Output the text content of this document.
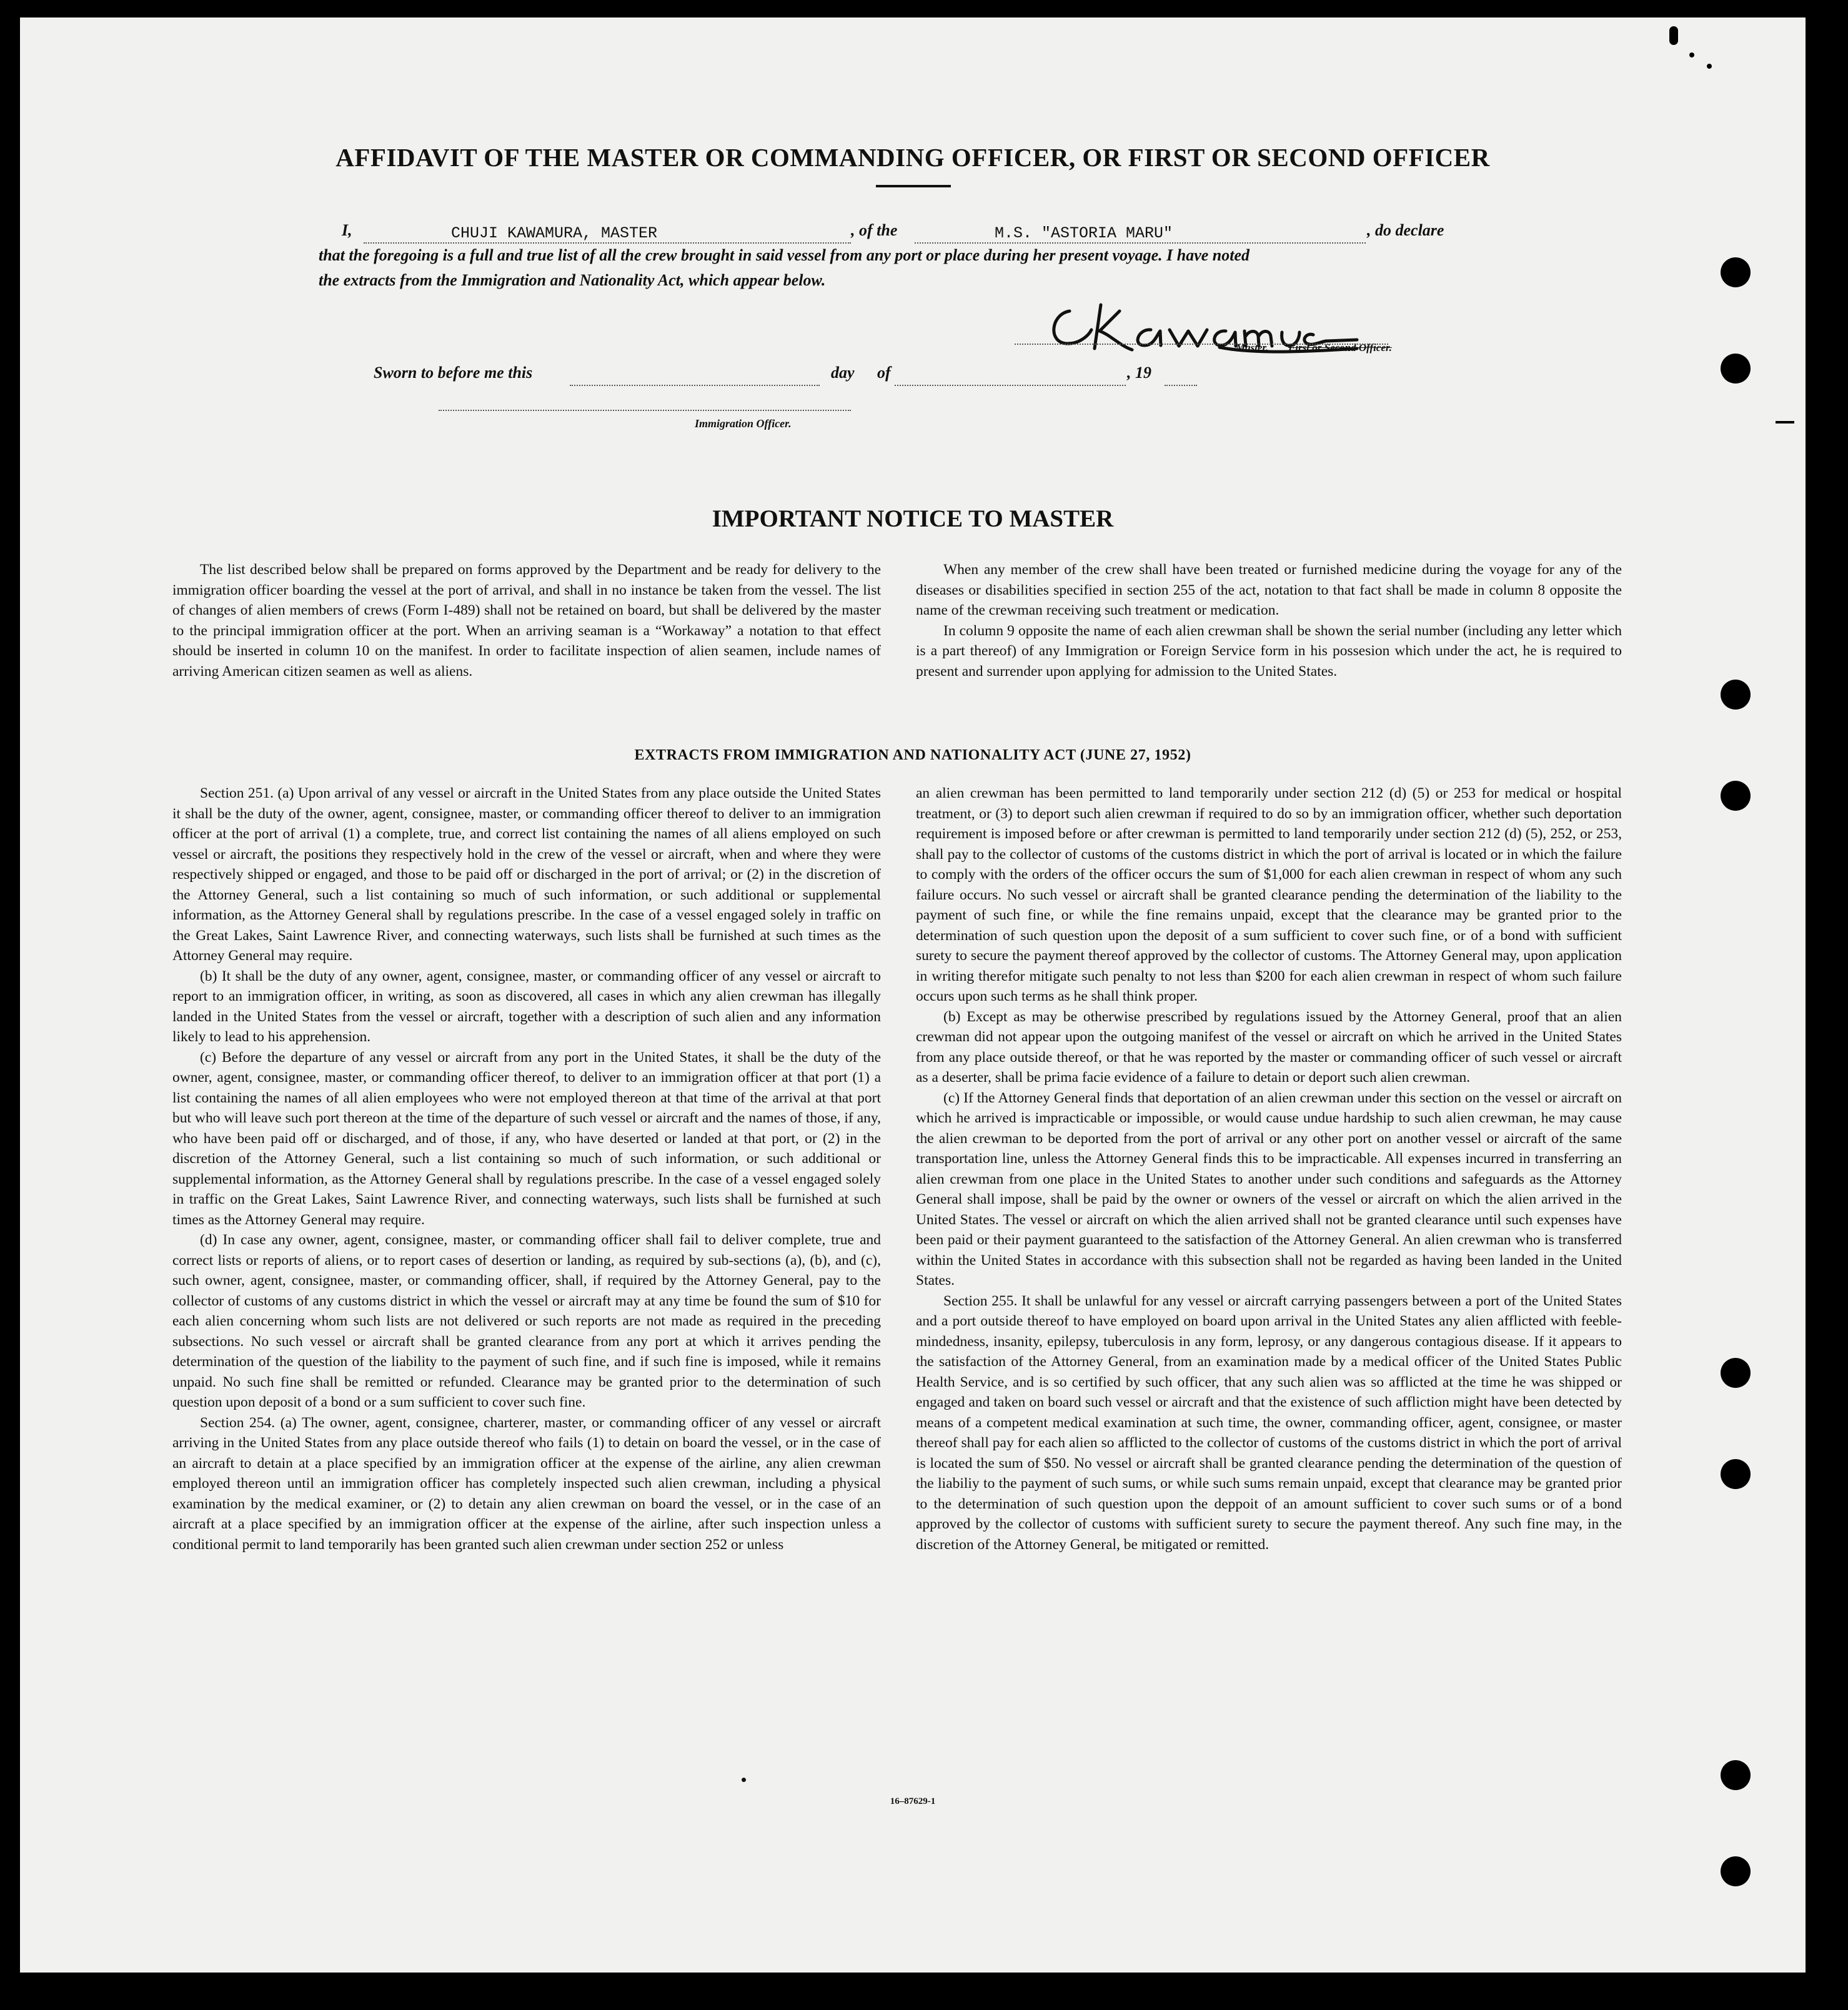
AFFIDAVIT OF THE MASTER OR COMMANDING OFFICER, OR FIRST OR SECOND OFFICER
I,	CHUJI KAWAMURA, MASTER	, of the	M.S. "ASTORIA MARU"	, do declare
that the foregoing is a full and true list of all the crew brought in said vessel from any port or place during her present voyage. I have noted
the extracts from the Immigration and Nationality Act, which appear below.
Master, First or Second Officer.
Sworn to before me this	day of	, 19
Immigration Officer.
IMPORTANT NOTICE TO MASTER

The list described below shall be prepared on forms approved by the Department and be ready for delivery to the immigration officer boarding the vessel at the port of arrival, and shall in no instance be taken from the vessel. The list of changes of alien members of crews (Form I-489) shall not be retained on board, but shall be delivered by the master to the principal immigration officer at the port. When an arriving seaman is a “Workaway” a notation to that effect should be inserted in column 10 on the manifest. In order to facilitate inspection of alien seamen, include names of arriving American citizen seamen as well as aliens.

When any member of the crew shall have been treated or furnished medicine during the voyage for any of the diseases or disabilities specified in section 255 of the act, notation to that fact shall be made in column 8 opposite the name of the crewman receiving such treatment or medication.

In column 9 opposite the name of each alien crewman shall be shown the serial number (including any letter which is a part thereof) of any Immigration or Foreign Service form in his possesion which under the act, he is required to present and surrender upon applying for admission to the United States.

EXTRACTS FROM IMMIGRATION AND NATIONALITY ACT (JUNE 27, 1952)

Section 251. (a) Upon arrival of any vessel or aircraft in the United States from any place outside the United States it shall be the duty of the owner, agent, consignee, master, or commanding officer thereof to deliver to an immigration officer at the port of arrival (1) a complete, true, and correct list containing the names of all aliens employed on such vessel or aircraft, the positions they respectively hold in the crew of the vessel or aircraft, when and where they were respectively shipped or engaged, and those to be paid off or discharged in the port of arrival; or (2) in the discretion of the Attorney General, such a list containing so much of such information, or such additional or supplemental information, as the Attorney General shall by regulations prescribe. In the case of a vessel engaged solely in traffic on the Great Lakes, Saint Lawrence River, and connecting waterways, such lists shall be furnished at such times as the Attorney General may require.

(b) It shall be the duty of any owner, agent, consignee, master, or commanding officer of any vessel or aircraft to report to an immigration officer, in writing, as soon as discovered, all cases in which any alien crewman has illegally landed in the United States from the vessel or aircraft, together with a description of such alien and any information likely to lead to his apprehension.

(c) Before the departure of any vessel or aircraft from any port in the United States, it shall be the duty of the owner, agent, consignee, master, or commanding officer thereof, to deliver to an immigration officer at that port (1) a list containing the names of all alien employees who were not employed thereon at that time of the arrival at that port but who will leave such port thereon at the time of the departure of such vessel or aircraft and the names of those, if any, who have been paid off or discharged, and of those, if any, who have deserted or landed at that port, or (2) in the discretion of the Attorney General, such a list containing so much of such information, or such additional or supplemental information, as the Attorney General shall by regulations prescribe. In the case of a vessel engaged solely in traffic on the Great Lakes, Saint Lawrence River, and connecting waterways, such lists shall be furnished at such times as the Attorney General may require.

(d) In case any owner, agent, consignee, master, or commanding officer shall fail to deliver complete, true and correct lists or reports of aliens, or to report cases of desertion or landing, as required by sub-sections (a), (b), and (c), such owner, agent, consignee, master, or commanding officer, shall, if required by the Attorney General, pay to the collector of customs of any customs district in which the vessel or aircraft may at any time be found the sum of $10 for each alien concerning whom such lists are not delivered or such reports are not made as required in the preceding subsections. No such vessel or aircraft shall be granted clearance from any port at which it arrives pending the determination of the question of the liability to the payment of such fine, and if such fine is imposed, while it remains unpaid. No such fine shall be remitted or refunded. Clearance may be granted prior to the determination of such question upon deposit of a bond or a sum sufficient to cover such fine.

Section 254. (a) The owner, agent, consignee, charterer, master, or commanding officer of any vessel or aircraft arriving in the United States from any place outside thereof who fails (1) to detain on board the vessel, or in the case of an aircraft to detain at a place specified by an immigration officer at the expense of the airline, any alien crewman employed thereon until an immigration officer has completely inspected such alien crewman, including a physical examination by the medical examiner, or (2) to detain any alien crewman on board the vessel, or in the case of an aircraft at a place specified by an immigration officer at the expense of the airline, after such inspection unless a conditional permit to land temporarily has been granted such alien crewman under section 252 or unless

an alien crewman has been permitted to land temporarily under section 212 (d) (5) or 253 for medical or hospital treatment, or (3) to deport such alien crewman if required to do so by an immigration officer, whether such deportation requirement is imposed before or after crewman is permitted to land temporarily under section 212 (d) (5), 252, or 253, shall pay to the collector of customs of the customs district in which the port of arrival is located or in which the failure to comply with the orders of the officer occurs the sum of $1,000 for each alien crewman in respect of whom any such failure occurs. No such vessel or aircraft shall be granted clearance pending the determination of the liability to the payment of such fine, or while the fine remains unpaid, except that the clearance may be granted prior to the determination of such question upon the deposit of a sum sufficient to cover such fine, or of a bond with sufficient surety to secure the payment thereof approved by the collector of customs. The Attorney General may, upon application in writing therefor mitigate such penalty to not less than $200 for each alien crewman in respect of whom such failure occurs upon such terms as he shall think proper.

(b) Except as may be otherwise prescribed by regulations issued by the Attorney General, proof that an alien crewman did not appear upon the outgoing manifest of the vessel or aircraft on which he arrived in the United States from any place outside thereof, or that he was reported by the master or commanding officer of such vessel or aircraft as a deserter, shall be prima facie evidence of a failure to detain or deport such alien crewman.

(c) If the Attorney General finds that deportation of an alien crewman under this section on the vessel or aircraft on which he arrived is impracticable or impossible, or would cause undue hardship to such alien crewman, he may cause the alien crewman to be deported from the port of arrival or any other port on another vessel or aircraft of the same transportation line, unless the Attorney General finds this to be impracticable. All expenses incurred in transferring an alien crewman from one place in the United States to another under such conditions and safeguards as the Attorney General shall impose, shall be paid by the owner or owners of the vessel or aircraft on which the alien arrived in the United States. The vessel or aircraft on which the alien arrived shall not be granted clearance until such expenses have been paid or their payment guaranteed to the satisfaction of the Attorney General. An alien crewman who is transferred within the United States in accordance with this subsection shall not be regarded as having been landed in the United States.

Section 255. It shall be unlawful for any vessel or aircraft carrying passengers between a port of the United States and a port outside thereof to have employed on board upon arrival in the United States any alien afflicted with feeble-mindedness, insanity, epilepsy, tuberculosis in any form, leprosy, or any dangerous contagious disease. If it appears to the satisfaction of the Attorney General, from an examination made by a medical officer of the United States Public Health Service, and is so certified by such officer, that any such alien was so afflicted at the time he was shipped or engaged and taken on board such vessel or aircraft and that the existence of such affliction might have been detected by means of a competent medical examination at such time, the owner, commanding officer, agent, consignee, or master thereof shall pay for each alien so afflicted to the collector of customs of the customs district in which the port of arrival is located the sum of $50. No vessel or aircraft shall be granted clearance pending the determination of the question of the liabiliy to the payment of such sums, or while such sums remain unpaid, except that clearance may be granted prior to the determination of such question upon the deppoit of an amount sufficient to cover such sums or of a bond approved by the collector of customs with sufficient surety to secure the payment thereof. Any such fine may, in the discretion of the Attorney General, be mitigated or remitted.

16–87629-1
